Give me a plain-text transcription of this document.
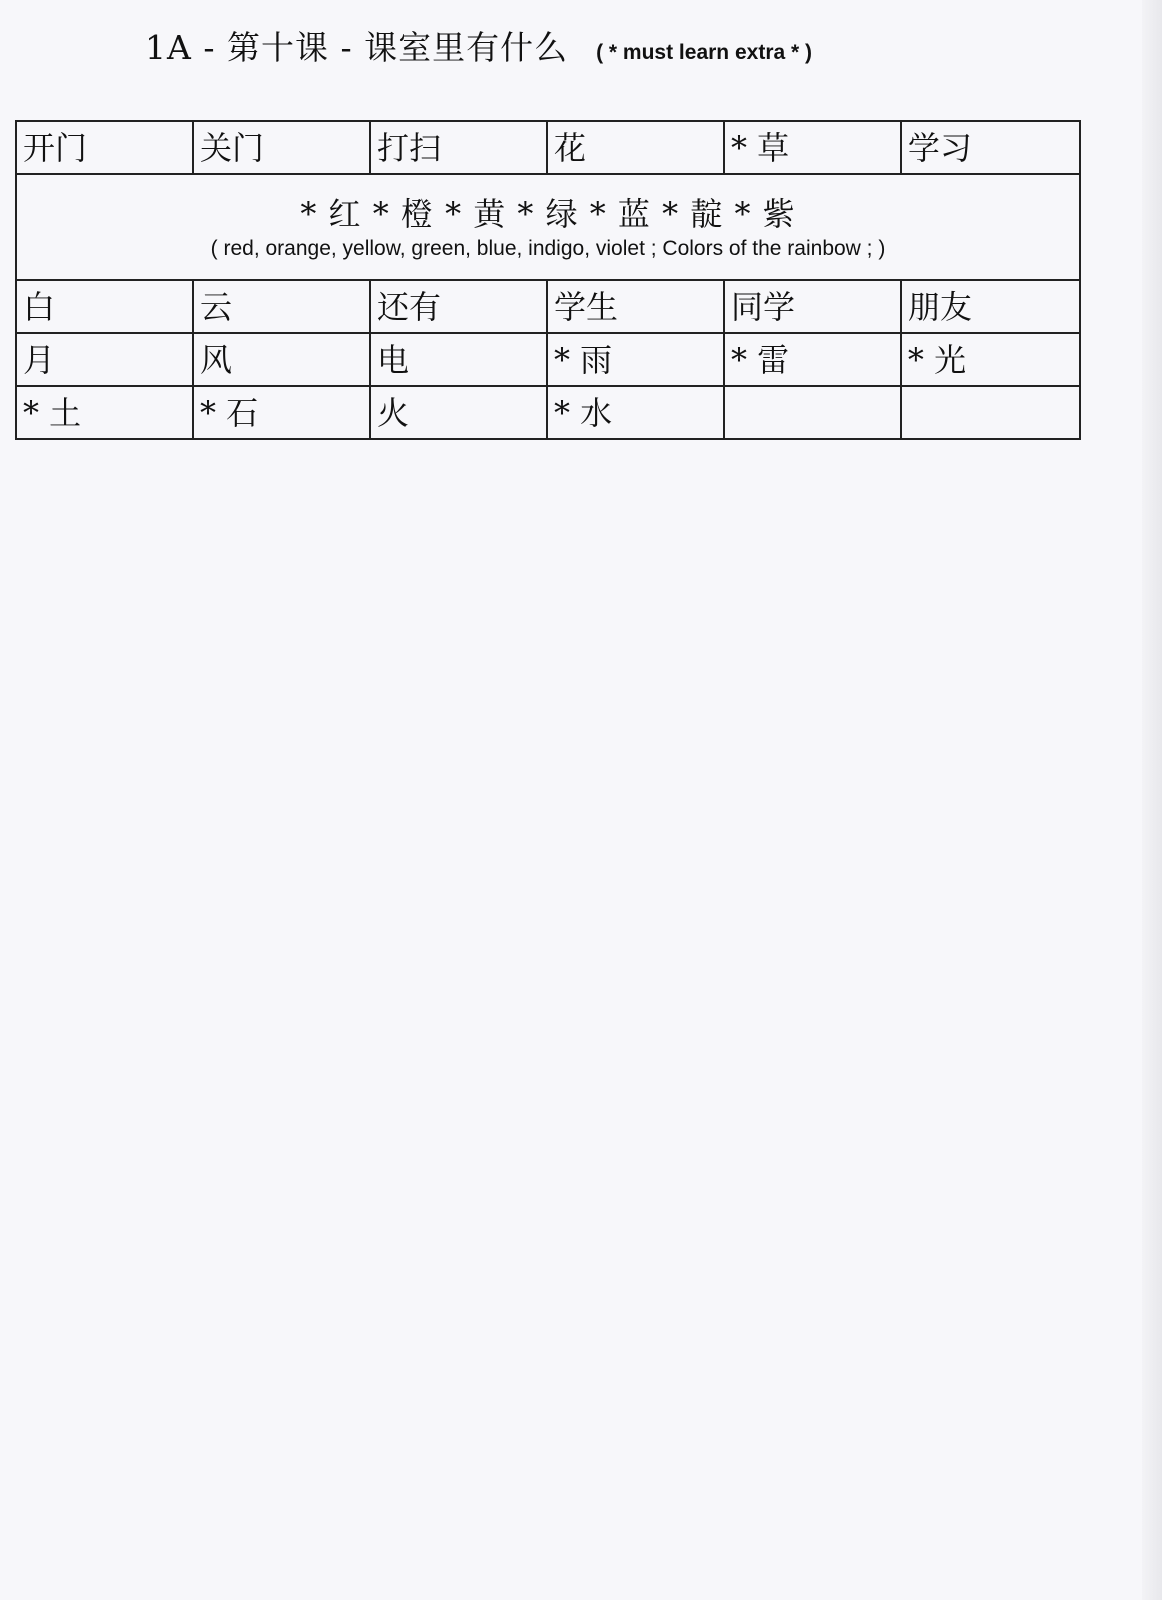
1A - 第十课 - 课室里有什么 ( * must learn extra * )
开门	关门	打扫	花	* 草	学习

* 红 * 橙 * 黄 * 绿 * 蓝 * 靛 * 紫
( red, orange, yellow, green, blue, indigo, violet ; Colors of the rainbow ; )					

白	云	还有	学生	同学	朋友
月	风	电	* 雨	* 雷	* 光
* 土	* 石	火	* 水		
